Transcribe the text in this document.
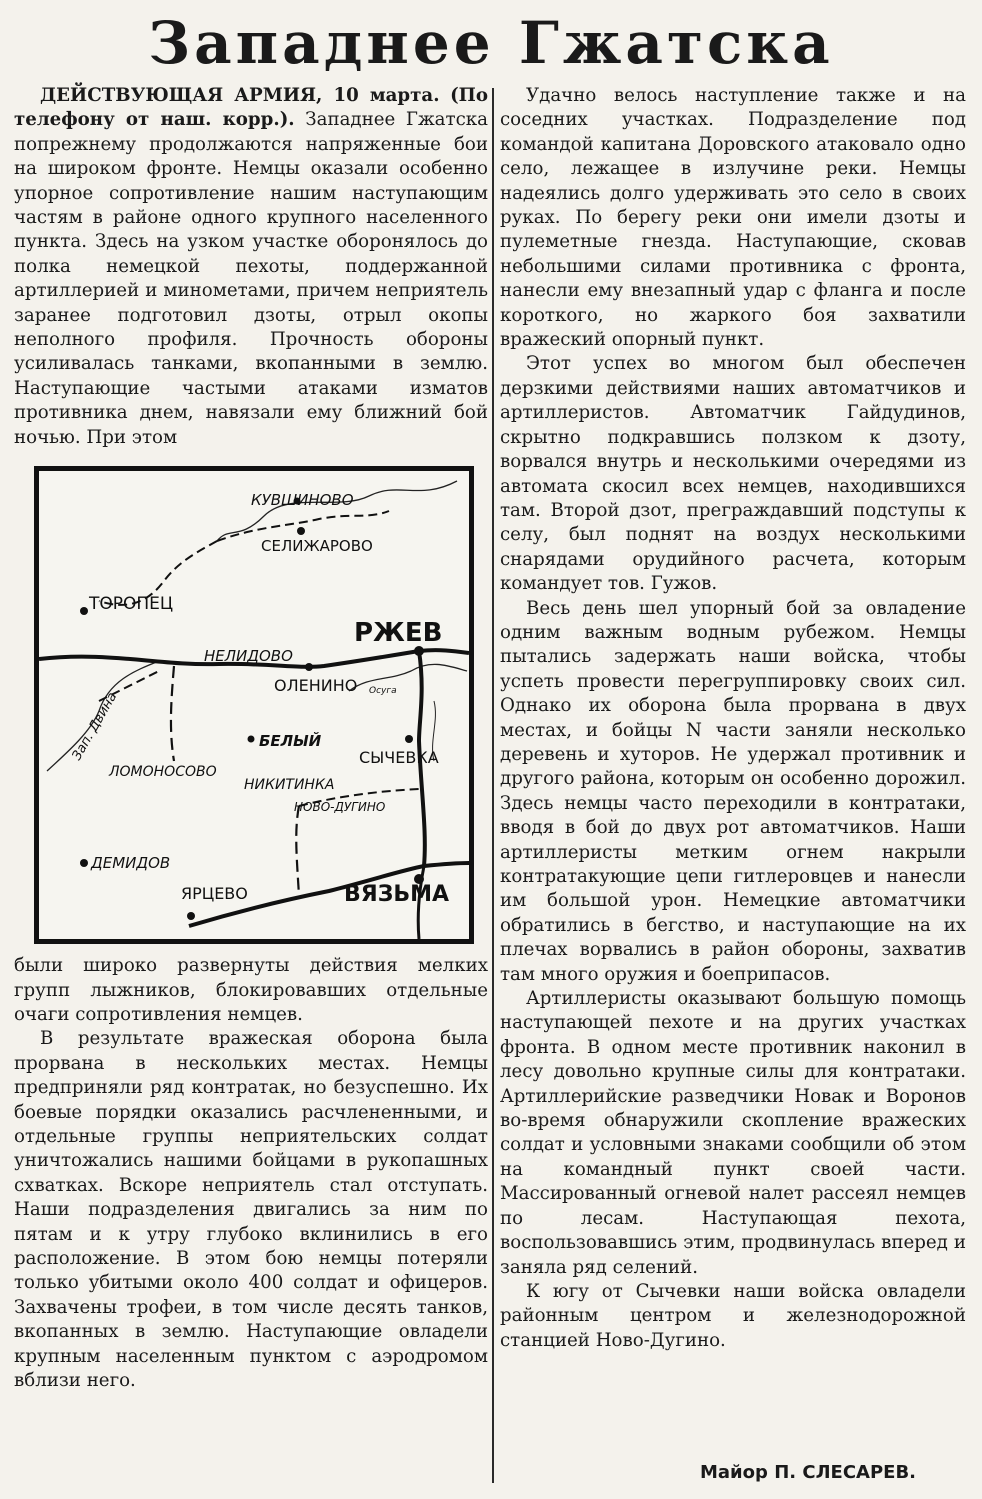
Западнее Гжатска

ДЕЙСТВУЮЩАЯ АРМИЯ, 10 марта. (По телефону от наш. корр.). Западнее Гжатска попрежнему продолжаются напряженные бои на широком фронте. Немцы оказали особенно упорное сопротивление нашим наступающим частям в районе одного крупного населенного пункта. Здесь на узком участке оборонялось до полка немецкой пехоты, поддержанной артиллерией и минометами, причем неприятель заранее подготовил дзоты, отрыл окопы неполного профиля. Прочность обороны усиливалась танками, вкопанными в землю. Наступающие частыми атаками изматов противника днем, навязали ему ближний бой ночью. При этом

КУВШИНОВО
СЕЛИЖАРОВО
ТОРОПЕЦ
РЖЕВ
НЕЛИДОВО
ОЛЕНИНО Осуга
Зап. Двина	БЕЛЫЙ
СЫЧЕВКА
ЛОМОНОСОВО
НИКИТИНКА
НОВО-ДУГИНО
ДЕМИДОВ
ЯРЦЕВО	ВЯЗЬМА

были широко развернуты действия мелких групп лыжников, блокировавших отдельные очаги сопротивления немцев.

В результате вражеская оборона была прорвана в нескольких местах. Немцы предприняли ряд контратак, но безуспешно. Их боевые порядки оказались расчлененными, и отдельные группы неприятельских солдат уничтожались нашими бойцами в рукопашных схватках. Вскоре неприятель стал отступать. Наши подразделения двигались за ним по пятам и к утру глубоко вклинились в его расположение. В этом бою немцы потеряли только убитыми около 400 солдат и офицеров. Захвачены трофеи, в том числе десять танков, вкопанных в землю. Наступающие овладели крупным населенным пунктом с аэродромом вблизи него.

Удачно велось наступление также и на соседних участках. Подразделение под командой капитана Доровского атаковало одно село, лежащее в излучине реки. Немцы надеялись долго удерживать это село в своих руках. По берегу реки они имели дзоты и пулеметные гнезда. Наступающие, сковав небольшими силами противника с фронта, нанесли ему внезапный удар с фланга и после короткого, но жаркого боя захватили вражеский опорный пункт.

Этот успех во многом был обеспечен дерзкими действиями наших автоматчиков и артиллеристов. Автоматчик Гайдудинов, скрытно подкравшись ползком к дзоту, ворвался внутрь и несколькими очередями из автомата скосил всех немцев, находившихся там. Второй дзот, преграждавший подступы к селу, был поднят на воздух несколькими снарядами орудийного расчета, которым командует тов. Гужов.

Весь день шел упорный бой за овладение одним важным водным рубежом. Немцы пытались задержать наши войска, чтобы успеть провести перегруппировку своих сил. Однако их оборона была прорвана в двух местах, и бойцы N части заняли несколько деревень и хуторов. Не удержал противник и другого района, которым он особенно дорожил. Здесь немцы часто переходили в контратаки, вводя в бой до двух рот автоматчиков. Наши артиллеристы метким огнем накрыли контратакующие цепи гитлеровцев и нанесли им большой урон. Немецкие автоматчики обратились в бегство, и наступающие на их плечах ворвались в район обороны, захватив там много оружия и боеприпасов.

Артиллеристы оказывают большую помощь наступающей пехоте и на других участках фронта. В одном месте противник наконил в лесу довольно крупные силы для контратаки. Артиллерийские разведчики Новак и Воронов во-время обнаружили скопление вражеских солдат и условными знаками сообщили об этом на командный пункт своей части. Массированный огневой налет рассеял немцев по лесам. Наступающая пехота, воспользовавшись этим, продвинулась вперед и заняла ряд селений.

К югу от Сычевки наши войска овладели районным центром и железнодорожной станцией Ново-Дугино.

Майор П. СЛЕСАРЕВ.
